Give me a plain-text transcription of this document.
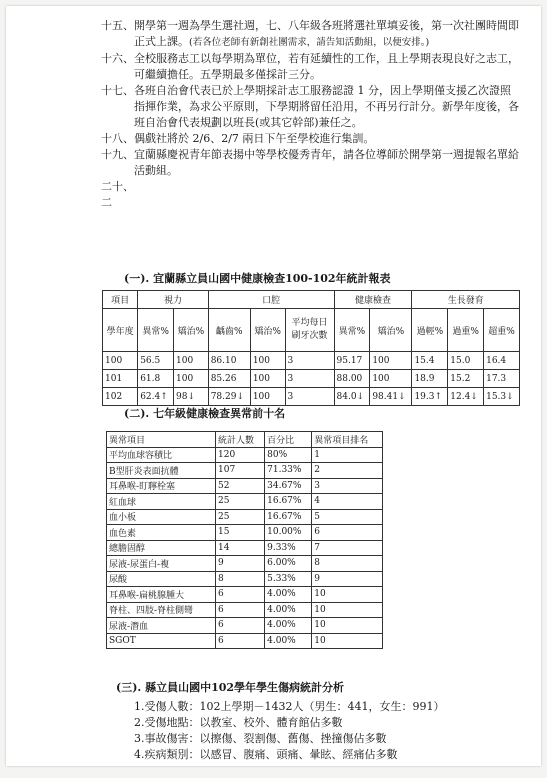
十五、 開學第一週為學生選社週，七、八年級各班將選社單填妥後，第一次社團時間即正式上課。(若各位老師有新創社團需求，請告知活動組，以便安排。)
十六、 全校服務志工以每學期為單位，若有延續性的工作，且上學期表現良好之志工，可繼續擔任。五學期最多僅採計三分。
十七、 各班自治會代表已於上學期採計志工服務認證 1 分，因上學期僅支援乙次證照指揮作業，為求公平原則，下學期將留任沿用，不再另行計分。新學年度後，各班自治會代表規劃以班長(或其它幹部)兼任之。
十八、 偶戲社將於 2/6、2/7 兩日下午至學校進行集訓。
十九、 宜蘭縣慶祝青年節表揚中等學校優秀青年，請各位導師於開學第一週提報名單給活動組。
二十、
二
(一). 宜蘭縣立員山國中健康檢查100-102年統計報表
項目	視力		口腔			健康檢查		生長發育		
學年度	異常%	矯治%	齲齒%	矯治%	平均每日刷牙次數	異常%	矯治%	過輕%	過重%	超重%
100	56.5	100	86.10	100	3	95.17	100	15.4	15.0	16.4
101	61.8	100	85.26	100	3	88.00	100	18.9	15.2	17.3
102	62.4↑	98↓	78.29↓	100	3	84.0↓	98.41↓	19.3↑	12.4↓	15.3↓
(二). 七年級健康檢查異常前十名
異常項目	統計人數	百分比	異常項目排名
平均血球容積比	120	80%	1
B型肝炎表面抗體	107	71.33%	2
耳鼻喉-盯聹栓塞	52	34.67%	3
紅血球	25	16.67%	4
血小板	25	16.67%	5
血色素	15	10.00%	6
總膽固醇	14	9.33%	7
尿液-尿蛋白-複	9	6.00%	8
尿酸	8	5.33%	9
耳鼻喉-扁桃腺腫大	6	4.00%	10
脊柱、四肢-脊柱側彎	6	4.00%	10
尿液-潛血	6	4.00%	10
SGOT	6	4.00%	10
(三). 縣立員山國中102學年學生傷病統計分析
1.受傷人數：102上學期－1432人（男生：441，女生：991）
2.受傷地點：以教室、校外、體育館佔多數
3.事故傷害：以擦傷、裂割傷、舊傷、挫撞傷佔多數
4.疾病類別：以感冒、腹痛、頭痛、暈眩、經痛佔多數
